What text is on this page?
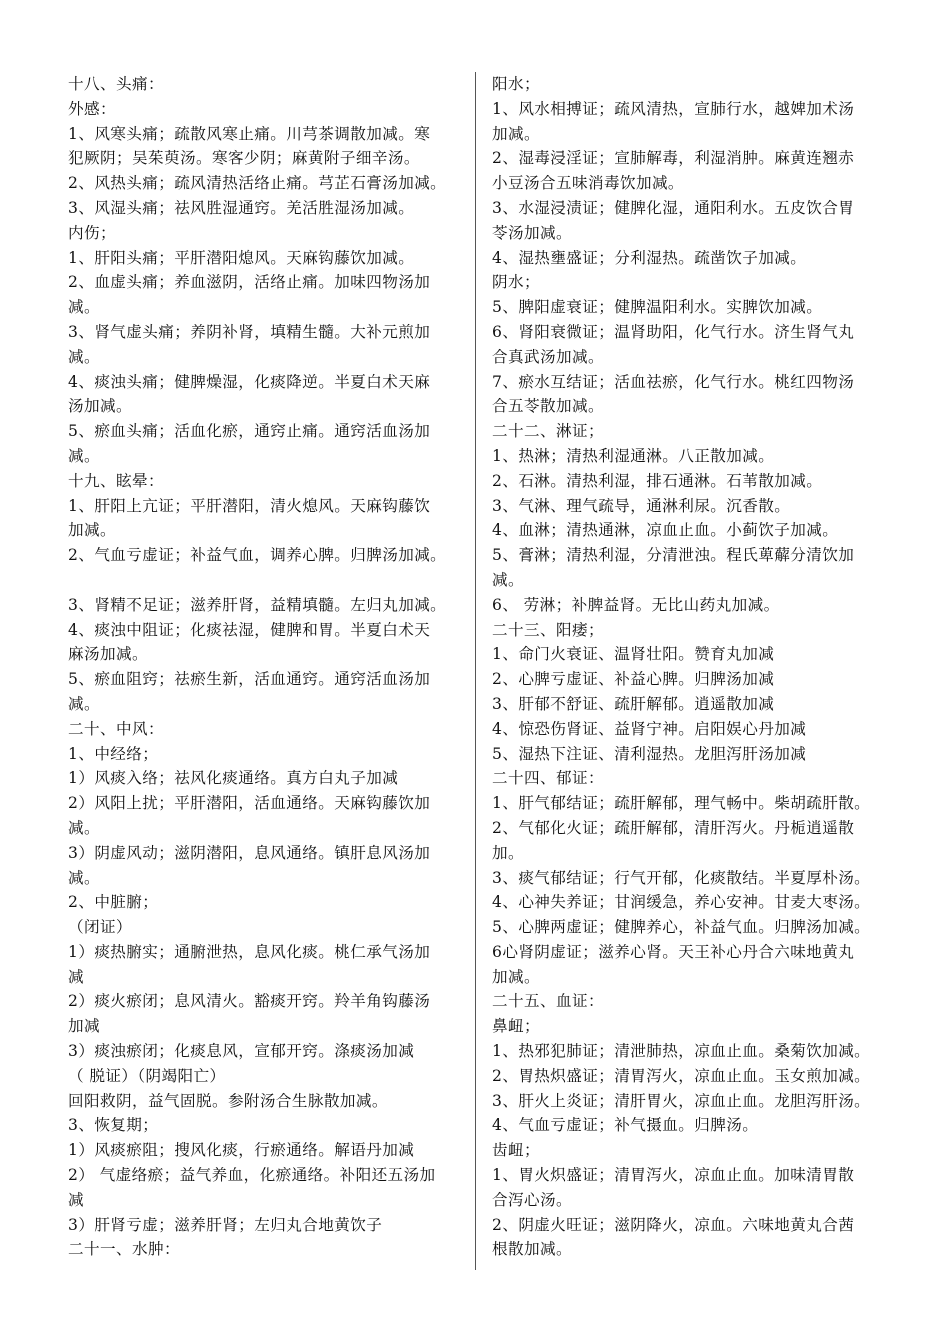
十八、头痛：
外感：
1、风寒头痛；疏散风寒止痛。川芎茶调散加减。寒
犯厥阴；吴茱萸汤。寒客少阴；麻黄附子细辛汤。
2、风热头痛；疏风清热活络止痛。芎芷石膏汤加减。
3、风湿头痛；祛风胜湿通窍。羌活胜湿汤加减。
内伤；
1、肝阳头痛；平肝潜阳熄风。天麻钩藤饮加减。
2、血虚头痛；养血滋阴，活络止痛。加味四物汤加
减。
3、肾气虚头痛；养阴补肾，填精生髓。大补元煎加
减。
4、痰浊头痛；健脾燥湿，化痰降逆。半夏白术天麻
汤加减。
5、瘀血头痛；活血化瘀，通窍止痛。通窍活血汤加
减。
十九、眩晕：
1、肝阳上亢证；平肝潜阳，清火熄风。天麻钩藤饮
加减。
2、气血亏虚证；补益气血，调养心脾。归脾汤加减。
3、肾精不足证；滋养肝肾，益精填髓。左归丸加减。
4、痰浊中阻证；化痰祛湿，健脾和胃。半夏白术天
麻汤加减。
5、瘀血阻窍；祛瘀生新，活血通窍。通窍活血汤加
减。
二十、中风：
1、中经络；
1）风痰入络；祛风化痰通络。真方白丸子加减
2）风阳上扰；平肝潜阳，活血通络。天麻钩藤饮加
减。
3）阴虚风动；滋阴潜阳，息风通络。镇肝息风汤加
减。
2、中脏腑；
（闭证）
1）痰热腑实；通腑泄热，息风化痰。桃仁承气汤加
减
2）痰火瘀闭；息风清火。豁痰开窍。羚羊角钩藤汤
加减
3）痰浊瘀闭；化痰息风，宣郁开窍。涤痰汤加减
（ 脱证）（阴竭阳亡）
回阳救阴，益气固脱。参附汤合生脉散加减。
3、恢复期；
1）风痰瘀阻；搜风化痰，行瘀通络。解语丹加减
2） 气虚络瘀；益气养血，化瘀通络。补阳还五汤加
减
3）肝肾亏虚；滋养肝肾；左归丸合地黄饮子
二十一、水肿：
阳水；
1、风水相搏证；疏风清热，宣肺行水，越婢加术汤
加减。
2、湿毒浸淫证；宣肺解毒，利湿消肿。麻黄连翘赤
小豆汤合五味消毒饮加减。
3、水湿浸渍证；健脾化湿，通阳利水。五皮饮合胃
苓汤加减。
4、湿热壅盛证；分利湿热。疏凿饮子加减。
阴水；
5、脾阳虚衰证；健脾温阳利水。实脾饮加减。
6、肾阳衰微证；温肾助阳，化气行水。济生肾气丸
合真武汤加减。
7、瘀水互结证；活血祛瘀，化气行水。桃红四物汤
合五苓散加减。
二十二、淋证；
1、热淋；清热利湿通淋。八正散加减。
2、石淋。清热利湿，排石通淋。石苇散加减。
3、气淋、理气疏导，通淋利尿。沉香散。
4、血淋；清热通淋，凉血止血。小蓟饮子加减。
5、膏淋；清热利湿，分清泄浊。程氏萆薢分清饮加
减。
6、 劳淋；补脾益肾。无比山药丸加减。
二十三、阳痿；
1、命门火衰证、温肾壮阳。赞育丸加减
2、心脾亏虚证、补益心脾。归脾汤加减
3、肝郁不舒证、疏肝解郁。逍遥散加减
4、惊恐伤肾证、益肾宁神。启阳娱心丹加减
5、湿热下注证、清利湿热。龙胆泻肝汤加减
二十四、郁证：
1、肝气郁结证；疏肝解郁，理气畅中。柴胡疏肝散。
2、气郁化火证；疏肝解郁，清肝泻火。丹栀逍遥散
加。
3、痰气郁结证；行气开郁，化痰散结。半夏厚朴汤。
4、心神失养证；甘润缓急，养心安神。甘麦大枣汤。
5、心脾两虚证；健脾养心，补益气血。归脾汤加减。
6心肾阴虚证；滋养心肾。天王补心丹合六味地黄丸
加减。
二十五、血证：
鼻衄；
1、热邪犯肺证；清泄肺热，凉血止血。桑菊饮加减。
2、胃热炽盛证；清胃泻火，凉血止血。玉女煎加减。
3、肝火上炎证；清肝胃火，凉血止血。龙胆泻肝汤。
4、气血亏虚证；补气摄血。归脾汤。
齿衄；
1、胃火炽盛证；清胃泻火，凉血止血。加味清胃散
合泻心汤。
2、阴虚火旺证；滋阴降火，凉血。六味地黄丸合茜
根散加减。
